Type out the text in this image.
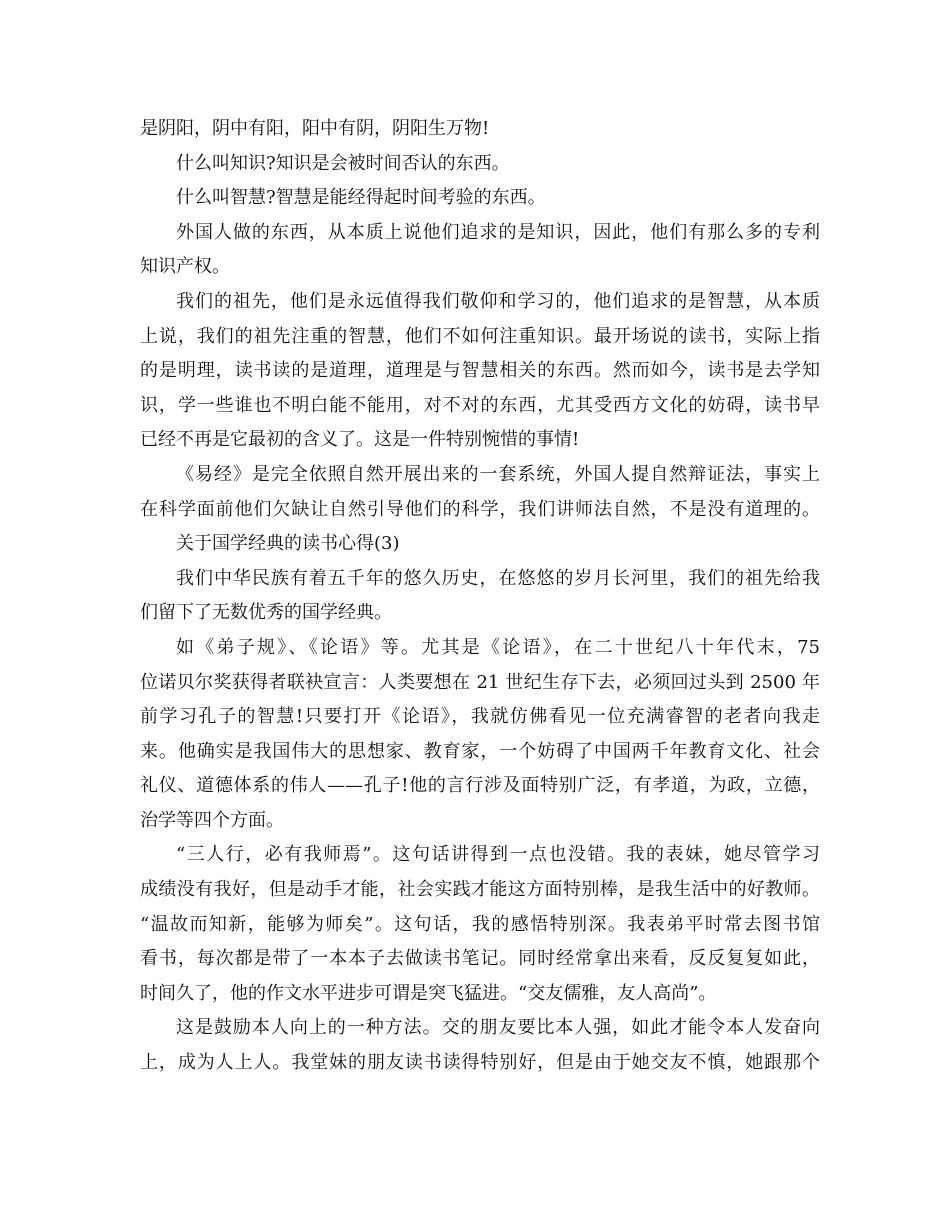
是阴阳，阴中有阳，阳中有阴，阴阳生万物!
什么叫知识?知识是会被时间否认的东西。
什么叫智慧?智慧是能经得起时间考验的东西。
外国人做的东西，从本质上说他们追求的是知识，因此，他们有那么多的专利
知识产权。
我们的祖先，他们是永远值得我们敬仰和学习的，他们追求的是智慧，从本质
上说，我们的祖先注重的智慧，他们不如何注重知识。最开场说的读书，实际上指
的是明理，读书读的是道理，道理是与智慧相关的东西。然而如今，读书是去学知
识，学一些谁也不明白能不能用，对不对的东西，尤其受西方文化的妨碍，读书早
已经不再是它最初的含义了。这是一件特别惋惜的事情!
《易经》是完全依照自然开展出来的一套系统，外国人提自然辩证法，事实上
在科学面前他们欠缺让自然引导他们的科学，我们讲师法自然，不是没有道理的。
关于国学经典的读书心得(3)
我们中华民族有着五千年的悠久历史，在悠悠的岁月长河里，我们的祖先给我
们留下了无数优秀的国学经典。
如《弟子规》、《论语》等。尤其是《论语》，在二十世纪八十年代末，75
位诺贝尔奖获得者联袂宣言：人类要想在 21 世纪生存下去，必须回过头到 2500 年
前学习孔子的智慧!只要打开《论语》，我就仿佛看见一位充满睿智的老者向我走
来。他确实是我国伟大的思想家、教育家，一个妨碍了中国两千年教育文化、社会
礼仪、道德体系的伟人——孔子!他的言行涉及面特别广泛，有孝道，为政，立德，
治学等四个方面。
“三人行，必有我师焉”。这句话讲得到一点也没错。我的表妹，她尽管学习
成绩没有我好，但是动手才能，社会实践才能这方面特别棒，是我生活中的好教师。
“温故而知新，能够为师矣”。这句话，我的感悟特别深。我表弟平时常去图书馆
看书，每次都是带了一本本子去做读书笔记。同时经常拿出来看，反反复复如此，
时间久了，他的作文水平进步可谓是突飞猛进。“交友儒雅，友人高尚”。
这是鼓励本人向上的一种方法。交的朋友要比本人强，如此才能令本人发奋向
上，成为人上人。我堂妹的朋友读书读得特别好，但是由于她交友不慎，她跟那个
